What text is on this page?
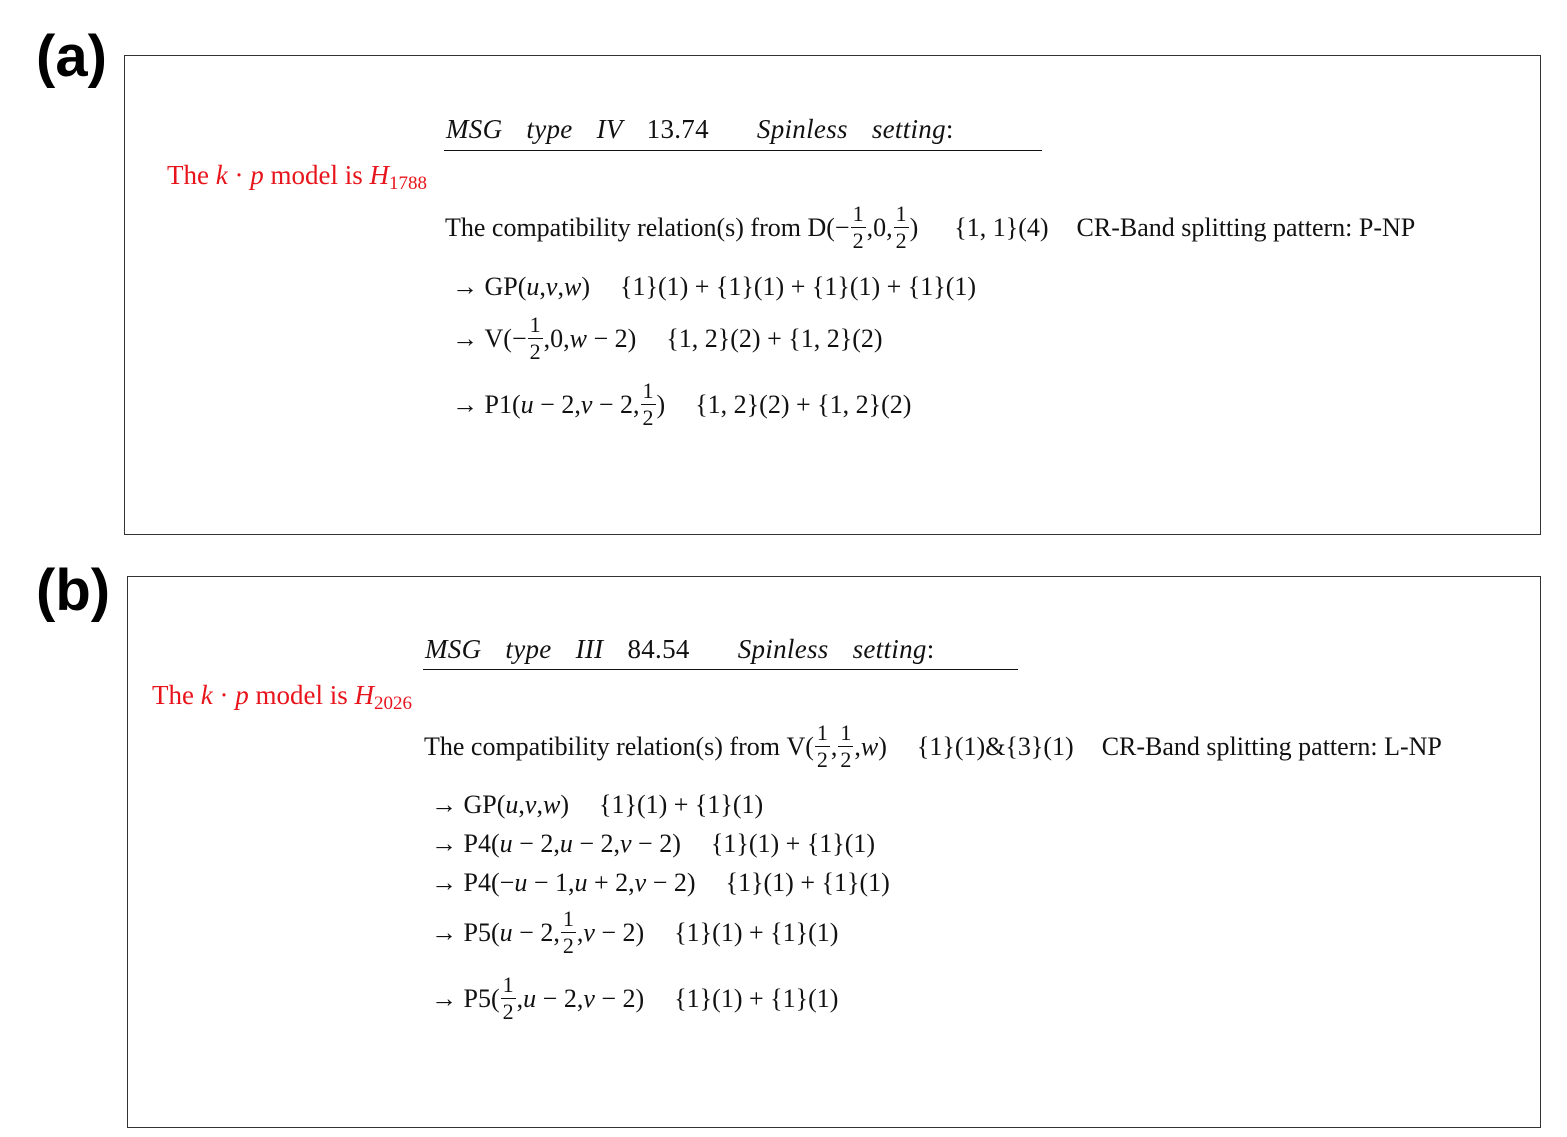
(a)
MSG type IV 13.74 Spinless setting:
The k · p model is $H_{1788}$
The compatibility relation(s) from
D ( − $\frac{1}{2}$ , 0 , $\frac{1}{2}$ ) {1, 1}(4) CR-Band splitting pattern: P-NP
→
GP ( u , v , w ) {1}(1) + {1}(1) + {1}(1) + {1}(1)
→
V ( − $\frac{1}{2}$ , 0 , w
−
2 ) {1, 2}(2) + {1, 2}(2)
→
P1 ( u
−
2 , v
−
2 , $\frac{1}{2}$ ) {1, 2}(2) + {1, 2}(2)
(b)
MSG type III 84.54 Spinless setting:
The k · p model is $H_{2026}$
The compatibility relation(s) from
V ( $\frac{1}{2}$ , $\frac{1}{2}$ , w ) {1}(1)&{3}(1) CR-Band splitting pattern: L-NP
→
GP ( u , v , w ) {1}(1) + {1}(1)
→
P4 ( u
−
2 , u
−
2 , v
−
2 ) {1}(1) + {1}(1)
→
P4 ( − u
−
1 , u + 2 , v
−
2 ) {1}(1) + {1}(1)
→
P5 ( u
−
2 , $\frac{1}{2}$ , v
−
2 ) {1}(1) + {1}(1)
→
P5 ( $\frac{1}{2}$ , u
−
2 , v
−
2 ) {1}(1) + {1}(1)
